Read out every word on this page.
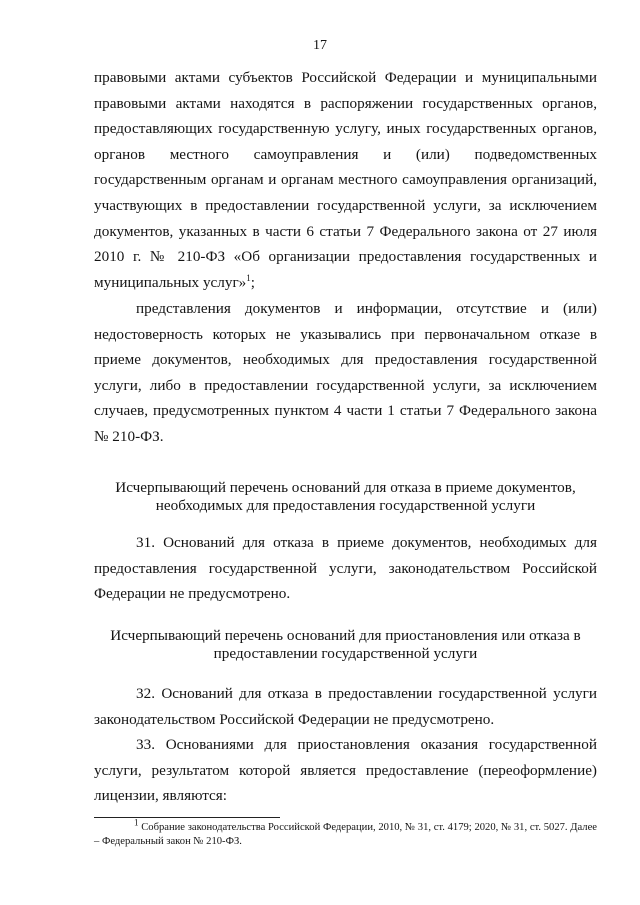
17

правовыми актами субъектов Российской Федерации и муниципальными правовыми актами находятся в распоряжении государственных органов, предоставляющих государственную услугу, иных государственных органов, органов местного самоуправления и (или) подведомственных государственным органам и органам местного самоуправления организаций, участвующих в предоставлении государственной услуги, за исключением документов, указанных в части 6 статьи 7 Федерального закона от 27 июля 2010 г. № 210-ФЗ «Об организации предоставления государственных и муниципальных услуг»$^1$;

представления документов и информации, отсутствие и (или) недостоверность которых не указывались при первоначальном отказе в приеме документов, необходимых для предоставления государственной услуги, либо в предоставлении государственной услуги, за исключением случаев, предусмотренных пунктом 4 части 1 статьи 7 Федерального закона № 210-ФЗ.

Исчерпывающий перечень оснований для отказа в приеме документов, необходимых для предоставления государственной услуги

31. Оснований для отказа в приеме документов, необходимых для предоставления государственной услуги, законодательством Российской Федерации не предусмотрено.

Исчерпывающий перечень оснований для приостановления или отказа в предоставлении государственной услуги

32. Оснований для отказа в предоставлении государственной услуги законодательством Российской Федерации не предусмотрено.

33. Основаниями для приостановления оказания государственной услуги, результатом которой является предоставление (переоформление) лицензии, являются:

$^1$ Собрание законодательства Российской Федерации, 2010, № 31, ст. 4179; 2020, № 31, ст. 5027. Далее – Федеральный закон № 210-ФЗ.
